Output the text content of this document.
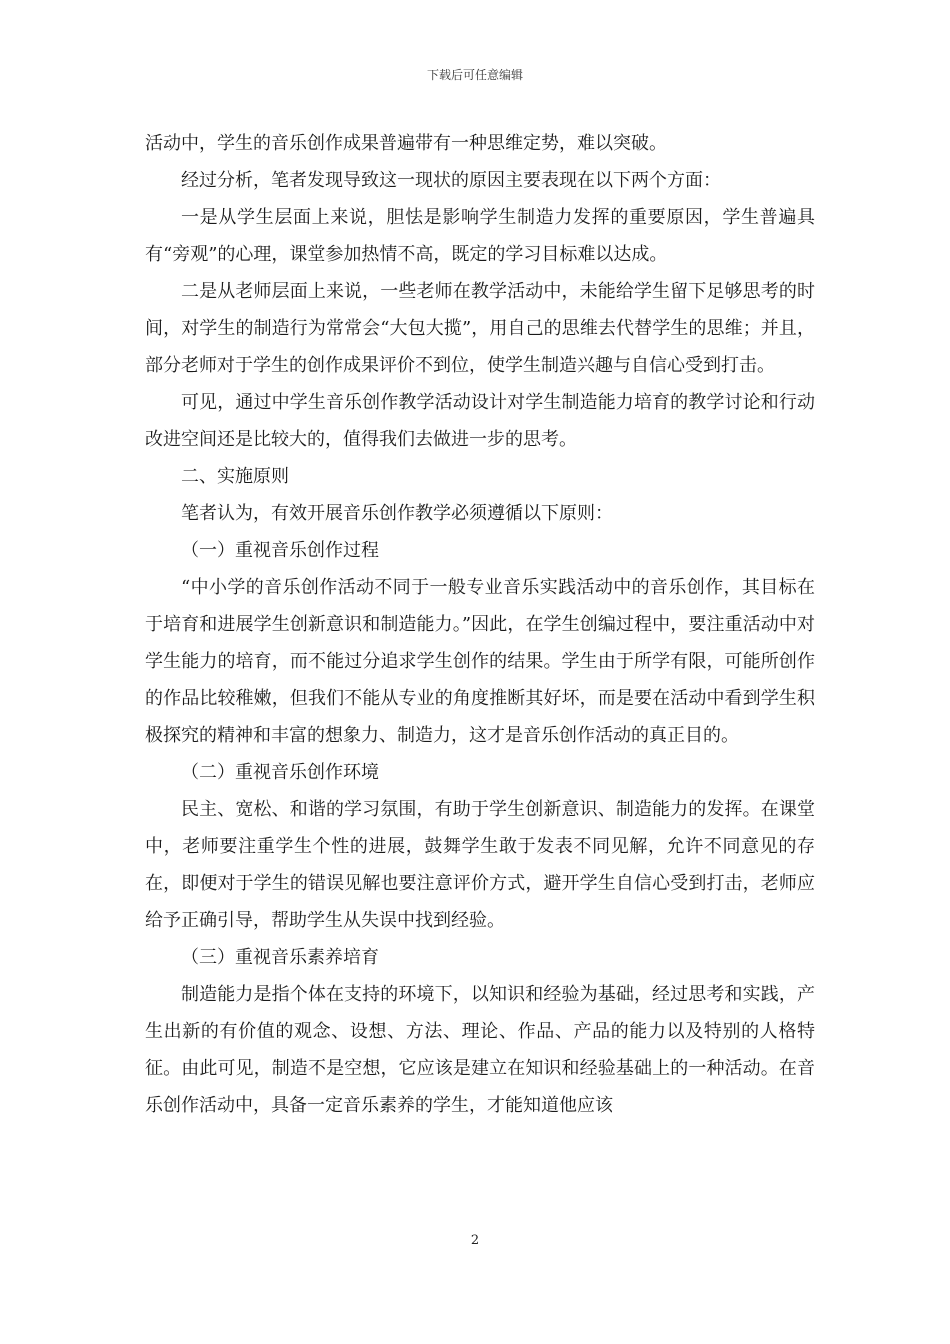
下载后可任意编辑

活动中，学生的音乐创作成果普遍带有一种思维定势，难以突破。

经过分析，笔者发现导致这一现状的原因主要表现在以下两个方面：

一是从学生层面上来说，胆怯是影响学生制造力发挥的重要原因，学生普遍具有“旁观”的心理，课堂参加热情不高，既定的学习目标难以达成。

二是从老师层面上来说，一些老师在教学活动中，未能给学生留下足够思考的时间，对学生的制造行为常常会“大包大揽”，用自己的思维去代替学生的思维；并且，部分老师对于学生的创作成果评价不到位，使学生制造兴趣与自信心受到打击。

可见，通过中学生音乐创作教学活动设计对学生制造能力培育的教学讨论和行动改进空间还是比较大的，值得我们去做进一步的思考。

二、实施原则

笔者认为，有效开展音乐创作教学必须遵循以下原则：

（一）重视音乐创作过程

“中小学的音乐创作活动不同于一般专业音乐实践活动中的音乐创作，其目标在于培育和进展学生创新意识和制造能力。”因此，在学生创编过程中，要注重活动中对学生能力的培育，而不能过分追求学生创作的结果。学生由于所学有限，可能所创作的作品比较稚嫩，但我们不能从专业的角度推断其好坏，而是要在活动中看到学生积极探究的精神和丰富的想象力、制造力，这才是音乐创作活动的真正目的。

（二）重视音乐创作环境

民主、宽松、和谐的学习氛围，有助于学生创新意识、制造能力的发挥。在课堂中，老师要注重学生个性的进展，鼓舞学生敢于发表不同见解，允许不同意见的存在，即便对于学生的错误见解也要注意评价方式，避开学生自信心受到打击，老师应给予正确引导，帮助学生从失误中找到经验。

（三）重视音乐素养培育

制造能力是指个体在支持的环境下，以知识和经验为基础，经过思考和实践，产生出新的有价值的观念、设想、方法、理论、作品、产品的能力以及特别的人格特征。由此可见，制造不是空想，它应该是建立在知识和经验基础上的一种活动。在音乐创作活动中，具备一定音乐素养的学生，才能知道他应该

2
